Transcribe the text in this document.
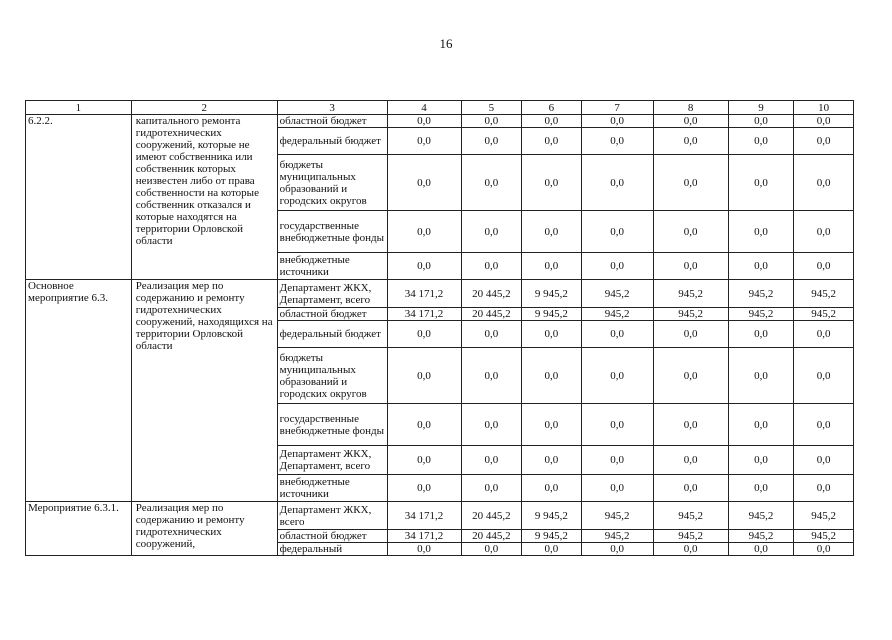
16
1	2	3	4	5	6	7	8	9	10
6.2.2.	капитального ремонта гидротехнических сооружений, которые не имеют собственника или собственник которых неизвестен либо от права собственности на которые собственник отказался и которые находятся на территории Орловской области	областной бюджет	0,0	0,0	0,0	0,0	0,0	0,0	0,0
		федеральный бюджет	0,0	0,0	0,0	0,0	0,0	0,0	0,0
		бюджеты муниципальных образований и городских округов	0,0	0,0	0,0	0,0	0,0	0,0	0,0
		государственные внебюджетные фонды	0,0	0,0	0,0	0,0	0,0	0,0	0,0
		внебюджетные источники	0,0	0,0	0,0	0,0	0,0	0,0	0,0
Основное мероприятие 6.3.	Реализация мер по содержанию и ремонту гидротехнических сооружений, находящихся на территории Орловской области	Департамент ЖКХ, Департамент, всего	34 171,2	20 445,2	9 945,2	945,2	945,2	945,2	945,2
		областной бюджет	34 171,2	20 445,2	9 945,2	945,2	945,2	945,2	945,2
		федеральный бюджет	0,0	0,0	0,0	0,0	0,0	0,0	0,0
		бюджеты муниципальных образований и городских округов	0,0	0,0	0,0	0,0	0,0	0,0	0,0
		государственные внебюджетные фонды	0,0	0,0	0,0	0,0	0,0	0,0	0,0
		Департамент ЖКХ, Департамент, всего	0,0	0,0	0,0	0,0	0,0	0,0	0,0
		внебюджетные источники	0,0	0,0	0,0	0,0	0,0	0,0	0,0
Мероприятие 6.3.1.	Реализация мер по содержанию и ремонту гидротехнических сооружений,	Департамент ЖКХ, всего	34 171,2	20 445,2	9 945,2	945,2	945,2	945,2	945,2
		областной бюджет	34 171,2	20 445,2	9 945,2	945,2	945,2	945,2	945,2
		федеральный	0,0	0,0	0,0	0,0	0,0	0,0	0,0
